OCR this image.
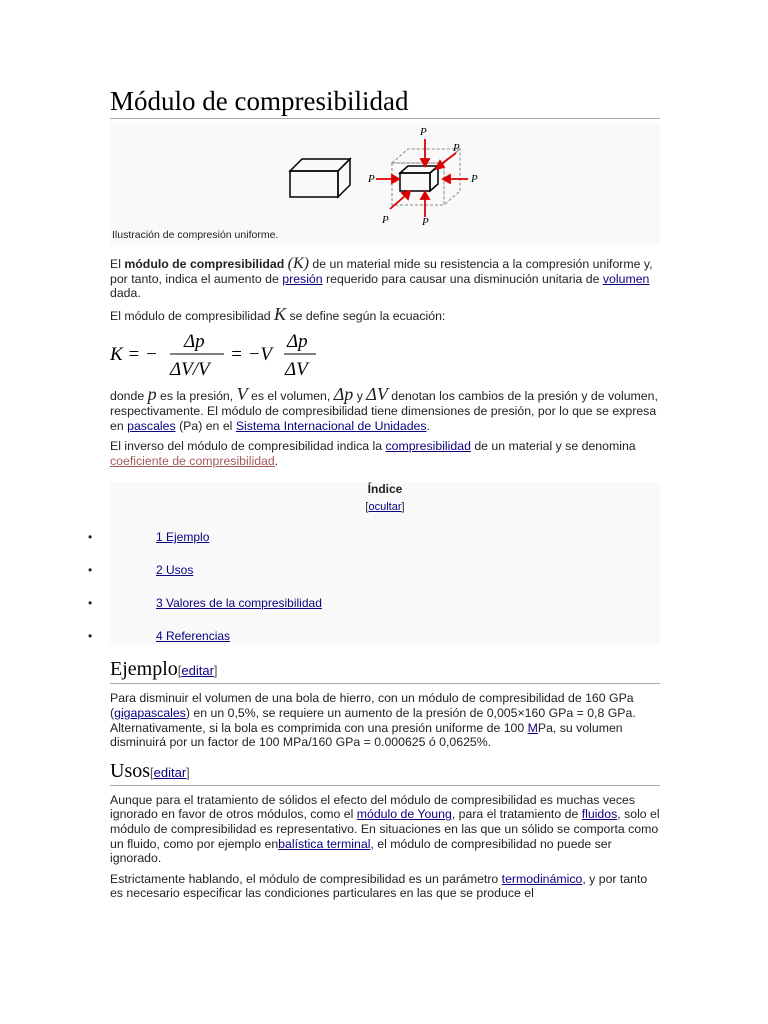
Módulo de compresibilidad
P
P	P
P	P
P
Ilustración de compresión uniforme.

El módulo de compresibilidad (K) de un material mide su resistencia a la compresión uniforme y, por tanto, indica el aumento de presión requerido para causar una disminución unitaria de volumen dada.

El módulo de compresibilidad K se define según la ecuación:

K = −
Δp
ΔV/V
= −V
Δp
ΔV

donde p es la presión, V es el volumen, Δp y ΔV denotan los cambios de la presión y de volumen, respectivamente. El módulo de compresibilidad tiene dimensiones de presión, por lo que se expresa en pascales (Pa) en el Sistema Internacional de Unidades.

El inverso del módulo de compresibilidad indica la compresibilidad de un material y se denomina coeficiente de compresibilidad.

Índice
[ocultar]
•	1 Ejemplo
•	2 Usos
•	3 Valores de la compresibilidad
•	4 Referencias
Ejemplo[editar]

Para disminuir el volumen de una bola de hierro, con un módulo de compresibilidad de 160 GPa (gigapascales) en un 0,5%, se requiere un aumento de la presión de 0,005×160 GPa = 0,8 GPa. Alternativamente, si la bola es comprimida con una presión uniforme de 100 MPa, su volumen disminuirá por un factor de 100 MPa/160 GPa = 0.000625 ó 0,0625%.

Usos[editar]

Aunque para el tratamiento de sólidos el efecto del módulo de compresibilidad es muchas veces ignorado en favor de otros módulos, como el módulo de Young, para el tratamiento de fluidos, solo el módulo de compresibilidad es representativo. En situaciones en las que un sólido se comporta como un fluido, como por ejemplo enbalística terminal, el módulo de compresibilidad no puede ser ignorado.

Estrictamente hablando, el módulo de compresibilidad es un parámetro termodinámico, y por tanto es necesario especificar las condiciones particulares en las que se produce el
